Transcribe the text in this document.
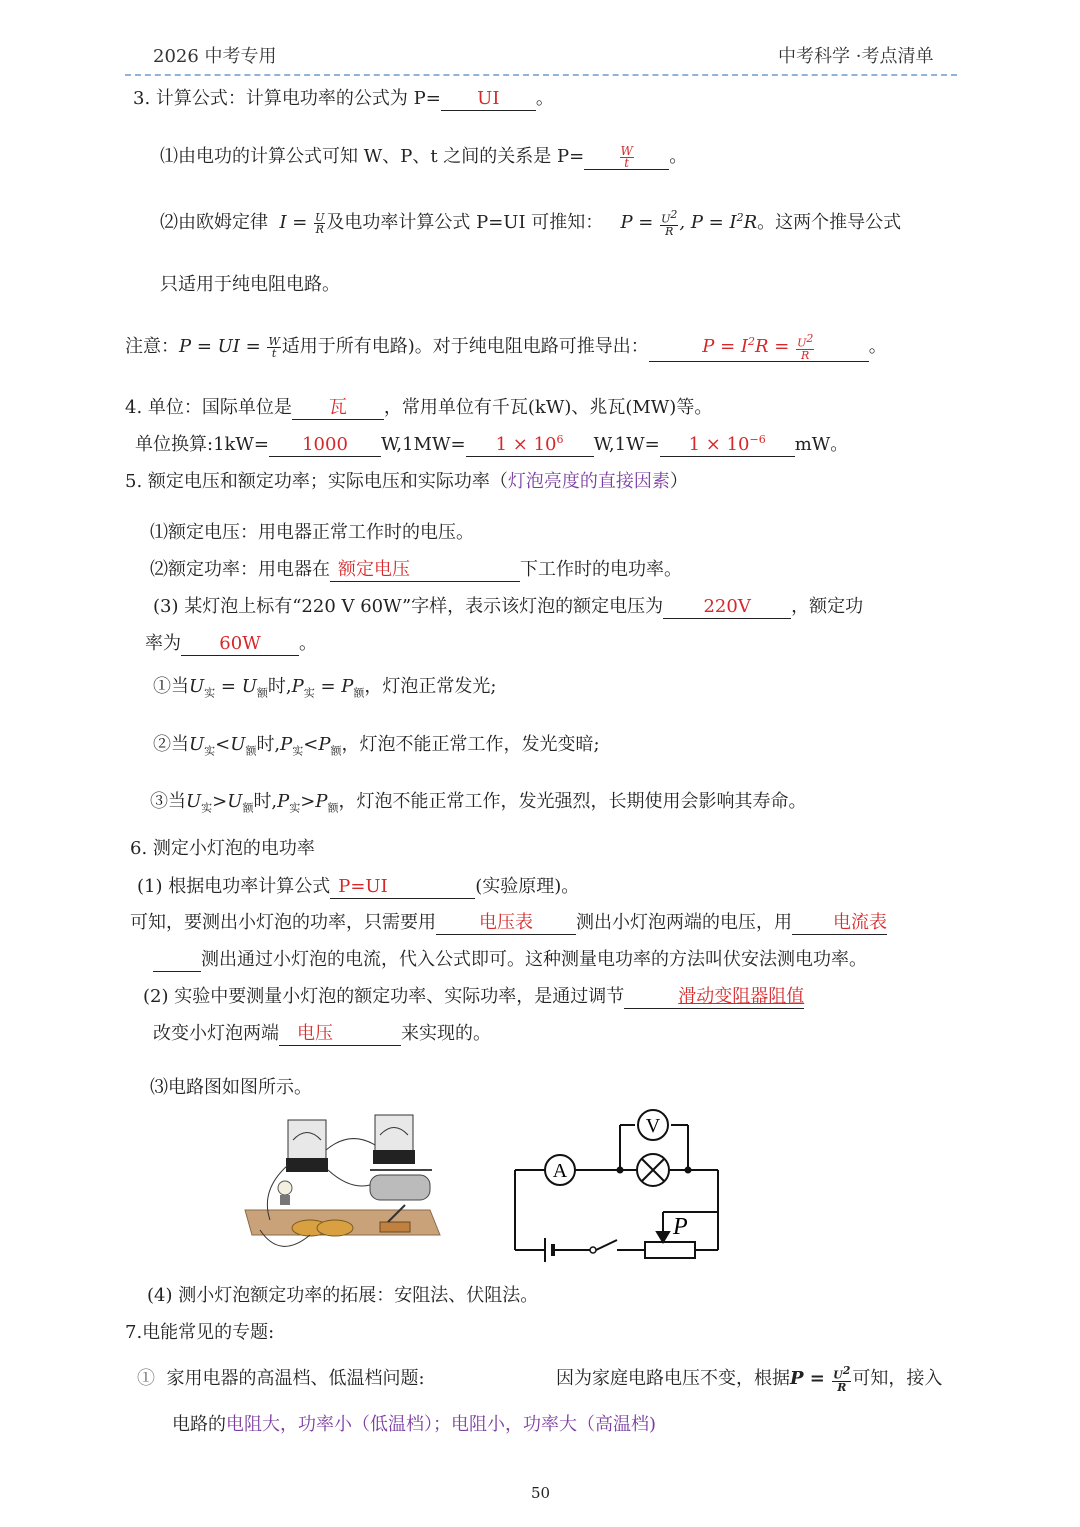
2026 中考专用	中考科学 ·考点清单
3. 计算公式：计算电功率的公式为 P= UI 。
⑴由电功的计算公式可知 W、P、t 之间的关系是 P=	$\frac{W}{t}$ 。
⑵由欧姆定律  $I = \frac{U}{R}$ 及电功率计算公式 P=UI 可推知：   $P = \frac{U^2}{R}$ , $P = I^2R$。这两个推导公式
只适用于纯电阻电路。
注意：P = UI = $\frac{W}{t}$ 适用于所有电路)。对于纯电阻电路可推导出：	$P = I^2R = \frac{U^2}{R}$	。
4. 单位：国际单位是 瓦 ，常用单位有千瓦(kW)、兆瓦(MW)等。
单位换算:1kW= 1000 $W,1MW= 1 \times 10^6$ $W,1W= 1 \times 10^{-6}$ mW。
5. 额定电压和额定功率；实际电压和实际功率（灯泡亮度的直接因素）
⑴额定电压：用电器正常工作时的电压。
⑵额定功率：用电器在 额定电压	下工作时的电功率。
(3) 某灯泡上标有“220 V 60W”字样，表示该灯泡的额定电压为 220V ，额定功
率为 60W 。
①当$U_实 = U_额$时$,P_实 = P_额$，灯泡正常发光;
②当$U_实<U_额$时$,P_实<P_额$，灯泡不能正常工作，发光变暗;
③当$U_实>U_额$时$,P_实>P_额$，灯泡不能正常工作，发光强烈，长期使用会影响其寿命。
6. 测定小灯泡的电功率
(1) 根据电功率计算公式 P=UI	(实验原理)。
可知，要测出小灯泡的功率，只需要用 电压表 测出小灯泡两端的电压，用 电流表
测出通过小灯泡的电流，代入公式即可。这种测量电功率的方法叫伏安法测电功率。
(2) 实验中要测量小灯泡的额定功率、实际功率，是通过调节	滑动变阻器阻值
改变小灯泡两端 电压	来实现的。
⑶电路图如图所示。
A
V
P
(4) 测小灯泡额定功率的拓展：安阻法、伏阻法。
7.电能常见的专题:
① 家用电器的高温档、低温档问题:	因为家庭电路电压不变，根据$P = \frac{U^2}{R}$ 可知，接入
电路的电阻大，功率小（低温档）；电阻小，功率大（高温档)
50
